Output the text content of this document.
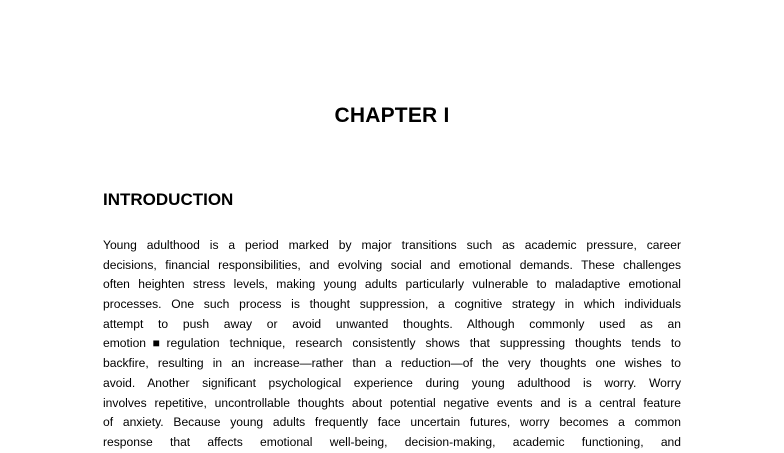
CHAPTER I
INTRODUCTION
Young adulthood is a period marked by major transitions such as academic pressure, career
decisions, financial responsibilities, and evolving social and emotional demands. These challenges
often heighten stress levels, making young adults particularly vulnerable to maladaptive emotional
processes. One such process is thought suppression, a cognitive strategy in which individuals
attempt to push away or avoid unwanted thoughts. Although commonly used as an
emotion■regulation technique, research consistently shows that suppressing thoughts tends to
backfire, resulting in an increase—rather than a reduction—of the very thoughts one wishes to
avoid. Another significant psychological experience during young adulthood is worry. Worry
involves repetitive, uncontrollable thoughts about potential negative events and is a central feature
of anxiety. Because young adults frequently face uncertain futures, worry becomes a common
response that affects emotional well-being, decision-making, academic functioning, and
